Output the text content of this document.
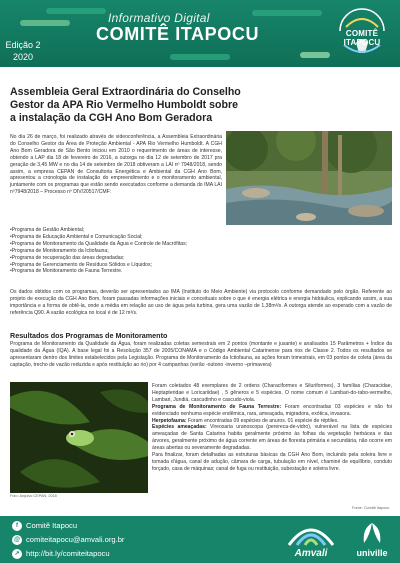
Edição 2
2020
Informativo Digital
COMITÊ ITAPOCU	COMITÊ ITAPOCU
Assembleia Geral Extraordinária do Conselho
Gestor da APA Rio Vermelho Humboldt sobre
a instalação da CGH Ano Bom Geradora
No dia 26 de março, foi realizado através de videoconferência, a Assembleia Extraordinária do Conselho Gestor da Área de Proteção Ambiental - APA Rio Vermelho Humboldt. A CGH Ano Bom Geradora de São Bento iniciou em 2010 o requerimento de áreas de interesse, obtendo a LAP dia 18 de fevereiro de 2016, a outorga no dia 12 de setembro de 2017 pra geração de 3,45 MW e no dia 14 de setembro de 2018 obtiveram a LAI nº 7948/2018, sendo assim, a empresa CEPAN de Consultoria Energética e Ambiental da CGH Ano Bom, apresentou a cronologia de instalação do empreendimento e o monitoramento ambiental, juntamente com os programas que estão sendo executados conforme a demanda do IMA LAI nº7948/2018 – Processo nº DIV/20517/CMF:
•Programa de Gestão Ambiental;
•Programa de Educação Ambiental e Comunicação Social;
•Programa de Monitoramento da Qualidade da Água e Controle de Macrófitas;
•Programa de Monitoramento da Ictiofauna;
•Programa de recuperação das áreas degradadas;
•Programa de Gerenciamento de Resíduos Sólidos e Líquidos;
•Programa de Monitoramento de Fauna Terrestre.
Os dados obtidos com os programas, deverão ser apresentados ao IMA (Instituto do Meio Ambiente) via protocolo conforme demandado pelo órgão. Referente ao projeto de execução da CGH Ano Bom, foram passadas informações iniciais e conceituais sobre o que é energia elétrica e energia hidráulica, explicando assim, a sua importância e a forma de obtê-la, onde a média em relação ao uso de água pela turbina, gera uma vazão de 1,38m³/s. A outorga atende ao esperado com a vazão de referência Q90. A vazão ecológica no local é de 12 m³/s.
Resultados dos Programas de Monitoramento
Programa de Monitoramento da Qualidade da Água, foram realizadas coletas semestrais em 2 pontos (montante e jusante) e analisados 15 Parâmetros + Índice da qualidade da Água (IQA). A base legal foi a Resolução 357 de 2005/CONAMA e o Código Ambiental Catarinense para rios de Classe 2. Todos os resultados se apresentaram dentro dos limites estabelecidos pela Legislação. Programa de Monitoramento da Ictiofauna, as ações foram trimestrais, em 03 pontos de coleta (área da captação, trecho de vazão reduzida e após restituição ao rio) por 4 campanhas (verão -outono -inverno –primavera)
Foto: Arquivo CEPAN, 2018

Foram coletados 48 exemplares de 2 ordens (Characiformes e Siluriformes), 3 famílias (Characidae, Heptapteridae e Loricariidae) , 5 gêneros e 5 espécies. O nome comum é Lambari-do-rabo-vermelho, Lambari, Jundiá, cascudinho e cascudo-viola.

Programa de Monitoramento de Fauna Terrestre: Foram encontradas 03 espécies e não foi evidenciado nenhuma espécie endêmica, rara, ameaçada, migradora, exótica, invasora.

Herpetofauna: Foram encontradas 09 espécies de anuros. 01 espécie de réptiles.

Espécies ameaçadas: Vireosaria uranoscopa (perereca-de-vidro), vulnerável na lista de espécies ameaçadas de Santa Catarina habita geralmente próximo às folhas da vegetação herbácea e das árvores, geralmente próximo de água corrente em áreas de floresta primária e secundária, não ocorre em áreas abertas ou severamente degradadas.

Para finalizar, foram detalhadas as estruturas básicas da CGH Ano Bom, incluindo pela soleira livre e tomada d'água, canal de adução, câmara de carga, tubulação em nível, chaminé de equilíbrio, conduto forçado, casa de máquinas; canal de fuga ou restituição, subestação e soleira livre.

Fonte: Comitê Itapocu
f	Comitê Itapocu
@ comiteitapocu@amvali.org.br
↗ http://bit.ly/comiteitapocu	Amvali	univille
